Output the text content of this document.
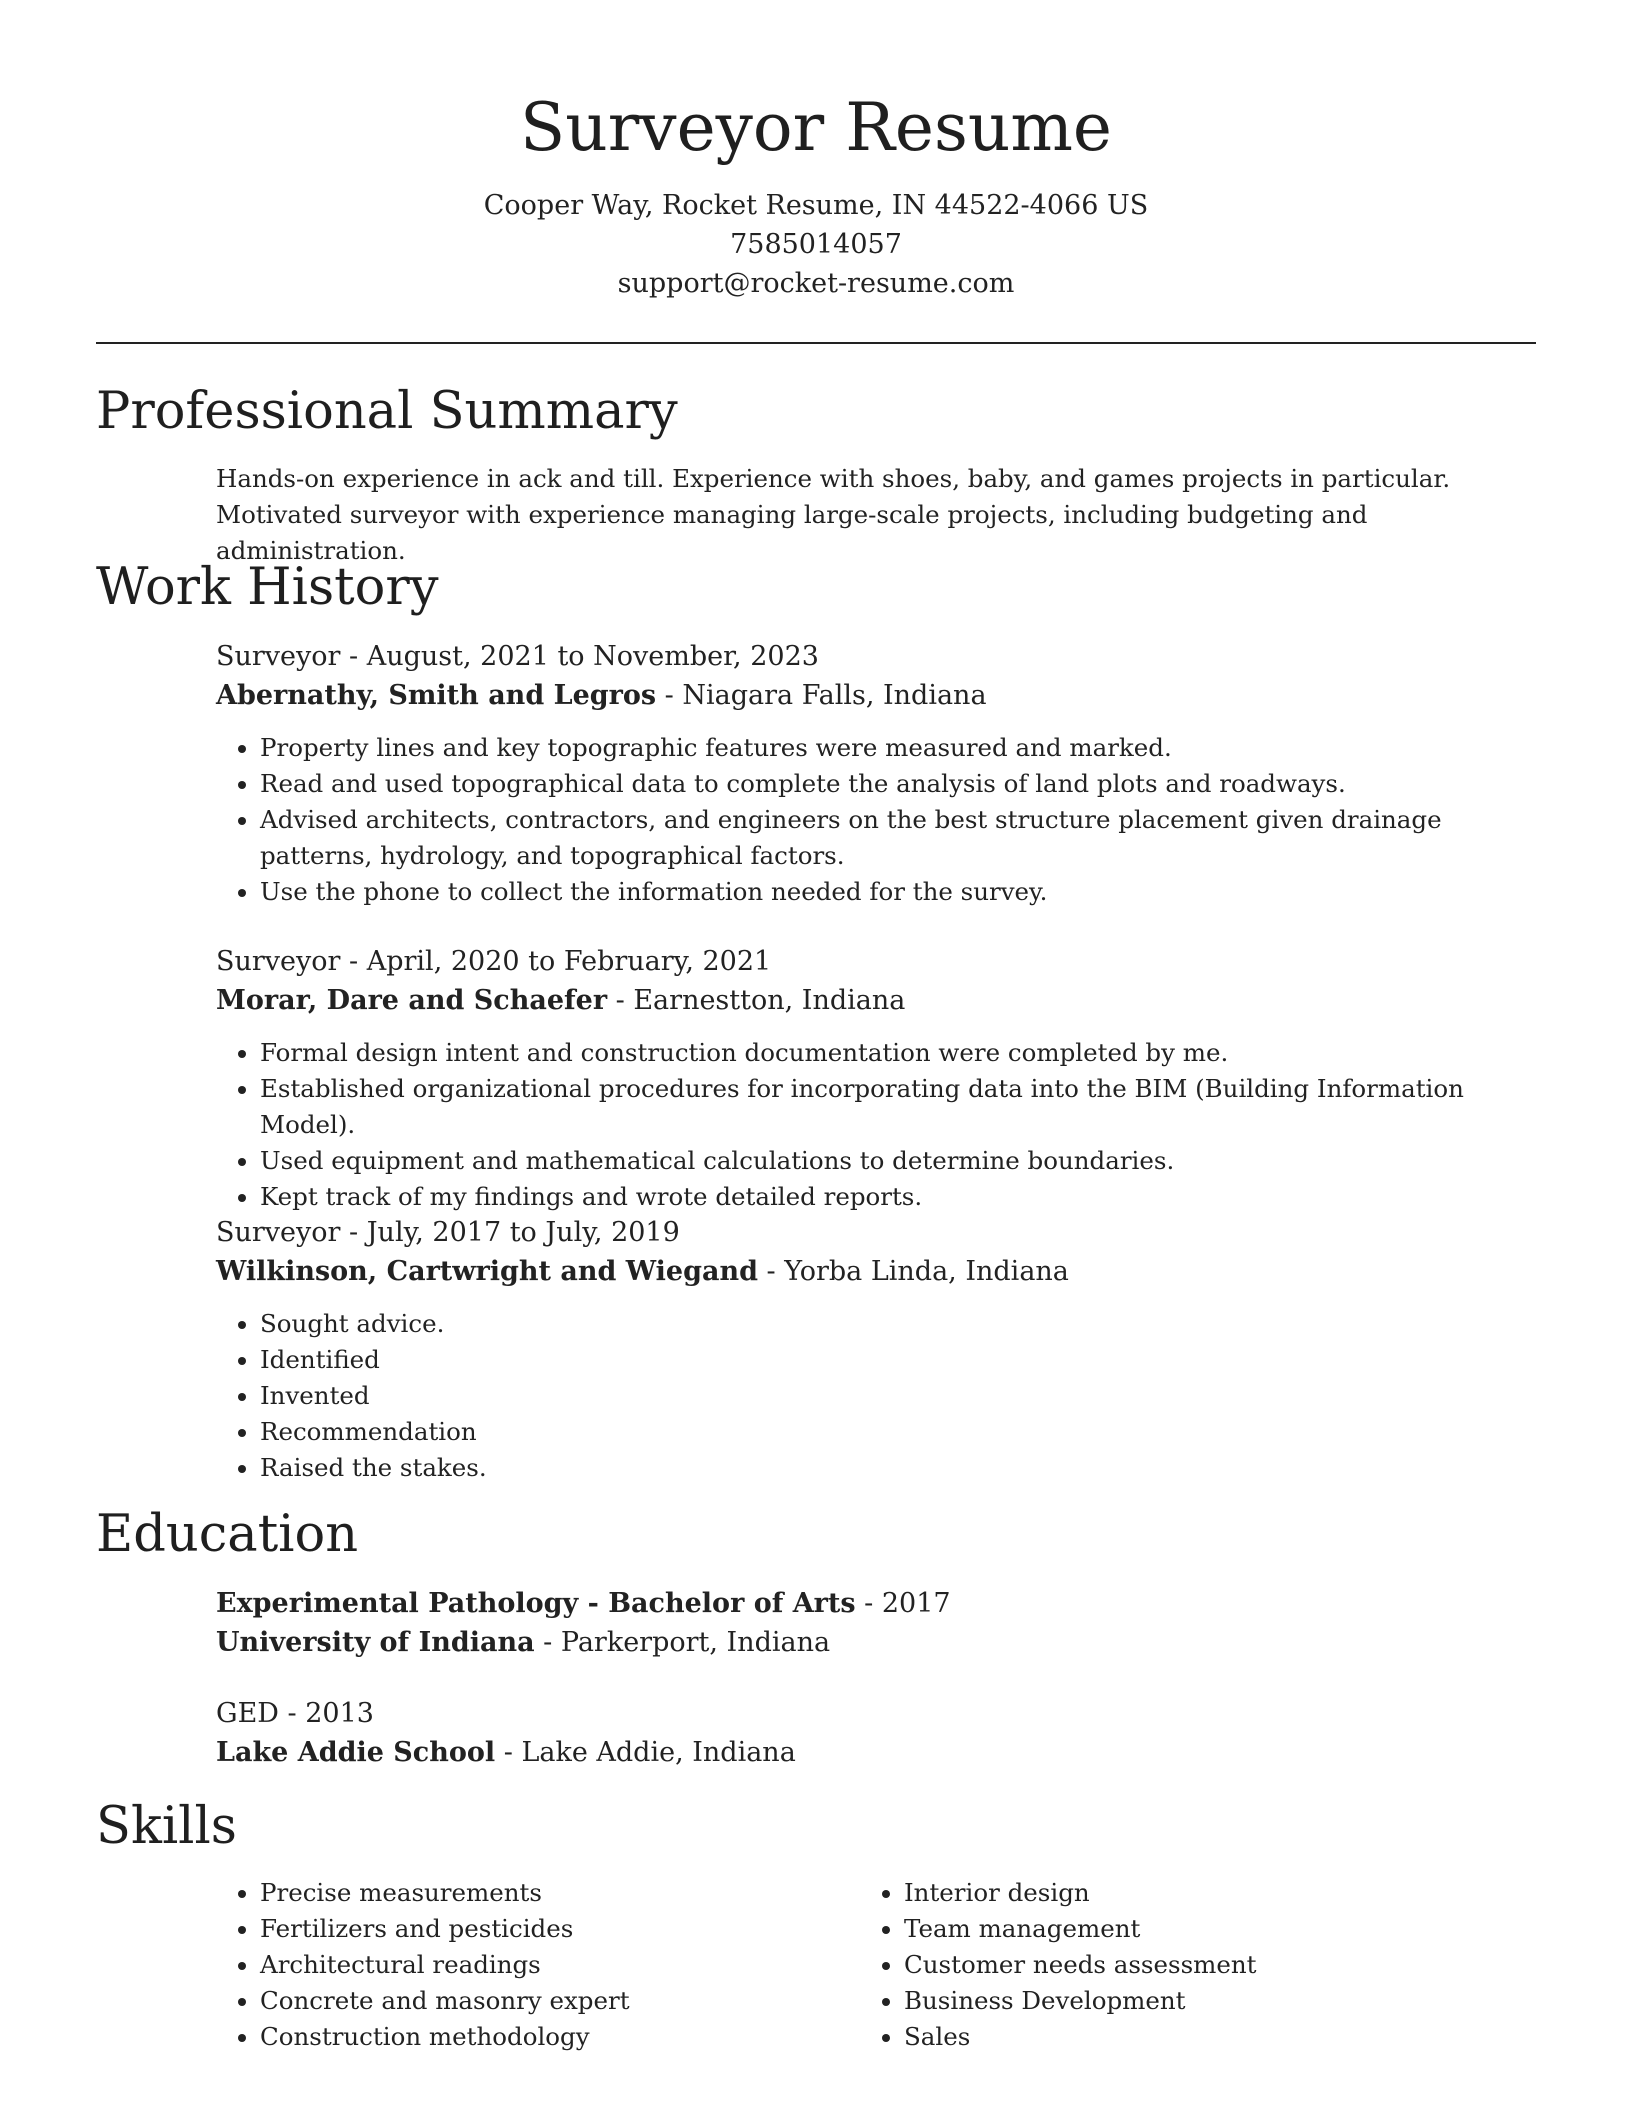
Surveyor Resume

Cooper Way, Rocket Resume, IN 44522-4066 US

7585014057

support@rocket-resume.com

Professional Summary

Hands-on experience in ack and till. Experience with shoes, baby, and games projects in particular. Motivated surveyor with experience managing large-scale projects, including budgeting and administration.

Work History

Surveyor - August, 2021 to November, 2023

Abernathy, Smith and Legros - Niagara Falls, Indiana

• Property lines and key topographic features were measured and marked.
• Read and used topographical data to complete the analysis of land plots and roadways.
• Advised architects, contractors, and engineers on the best structure placement given drainage patterns, hydrology, and topographical factors.
• Use the phone to collect the information needed for the survey.

Surveyor - April, 2020 to February, 2021

Morar, Dare and Schaefer - Earnestton, Indiana

• Formal design intent and construction documentation were completed by me.
• Established organizational procedures for incorporating data into the BIM (Building Information Model).
• Used equipment and mathematical calculations to determine boundaries.
• Kept track of my findings and wrote detailed reports.

Surveyor - July, 2017 to July, 2019

Wilkinson, Cartwright and Wiegand - Yorba Linda, Indiana

• Sought advice.
• Identified
• Invented
• Recommendation
• Raised the stakes.
Education

Experimental Pathology - Bachelor of Arts - 2017

University of Indiana - Parkerport, Indiana

GED - 2013

Lake Addie School - Lake Addie, Indiana

Skills
• Precise measurements
• Fertilizers and pesticides
• Architectural readings
• Concrete and masonry expert
• Construction methodology
• Interior design
• Team management
• Customer needs assessment
• Business Development
• Sales
